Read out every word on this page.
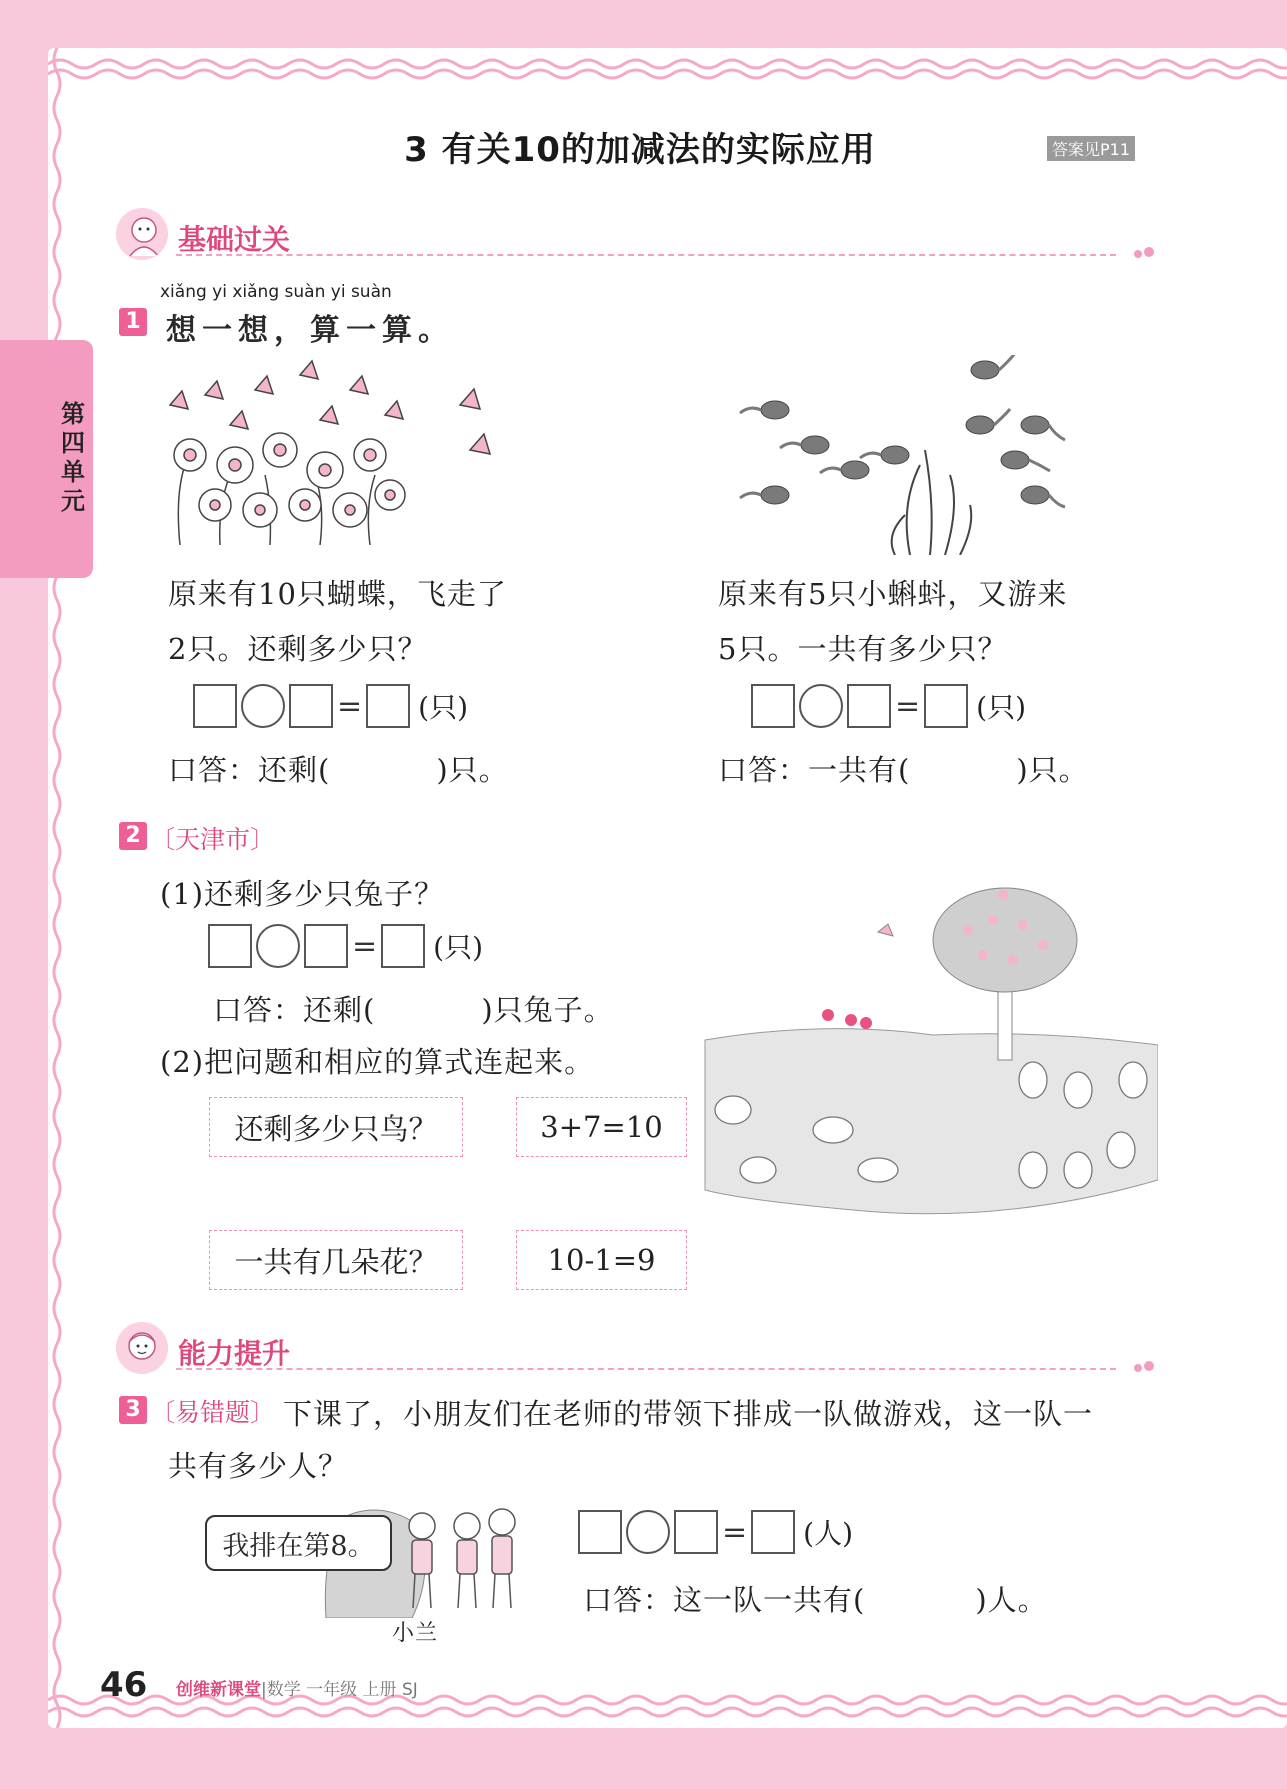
第四单元
3 有关10的加减法的实际应用	答案见P11
基础过关
xiǎng yi xiǎng suàn yi suàn
1 想一想，算一算。
原来有10只蝴蝶，飞走了
2只。还剩多少只？
= (只)
口答：还剩(	)只。
原来有5只小蝌蚪，又游来
5只。一共有多少只？
= (只)
口答：一共有(	)只。
2 〔天津市〕
(1)还剩多少只兔子？
= (只)
口答：还剩(	)只兔子。
(2)把问题和相应的算式连起来。
还剩多少只鸟？	3+7=10
一共有几朵花？	10-1=9
能力提升
3 〔易错题〕 下课了，小朋友们在老师的带领下排成一队做游戏，这一队一
共有多少人？
我排在第8。
小兰
= (人)
口答：这一队一共有(	)人。
46 创维新课堂|数学 一年级 上册 SJ
